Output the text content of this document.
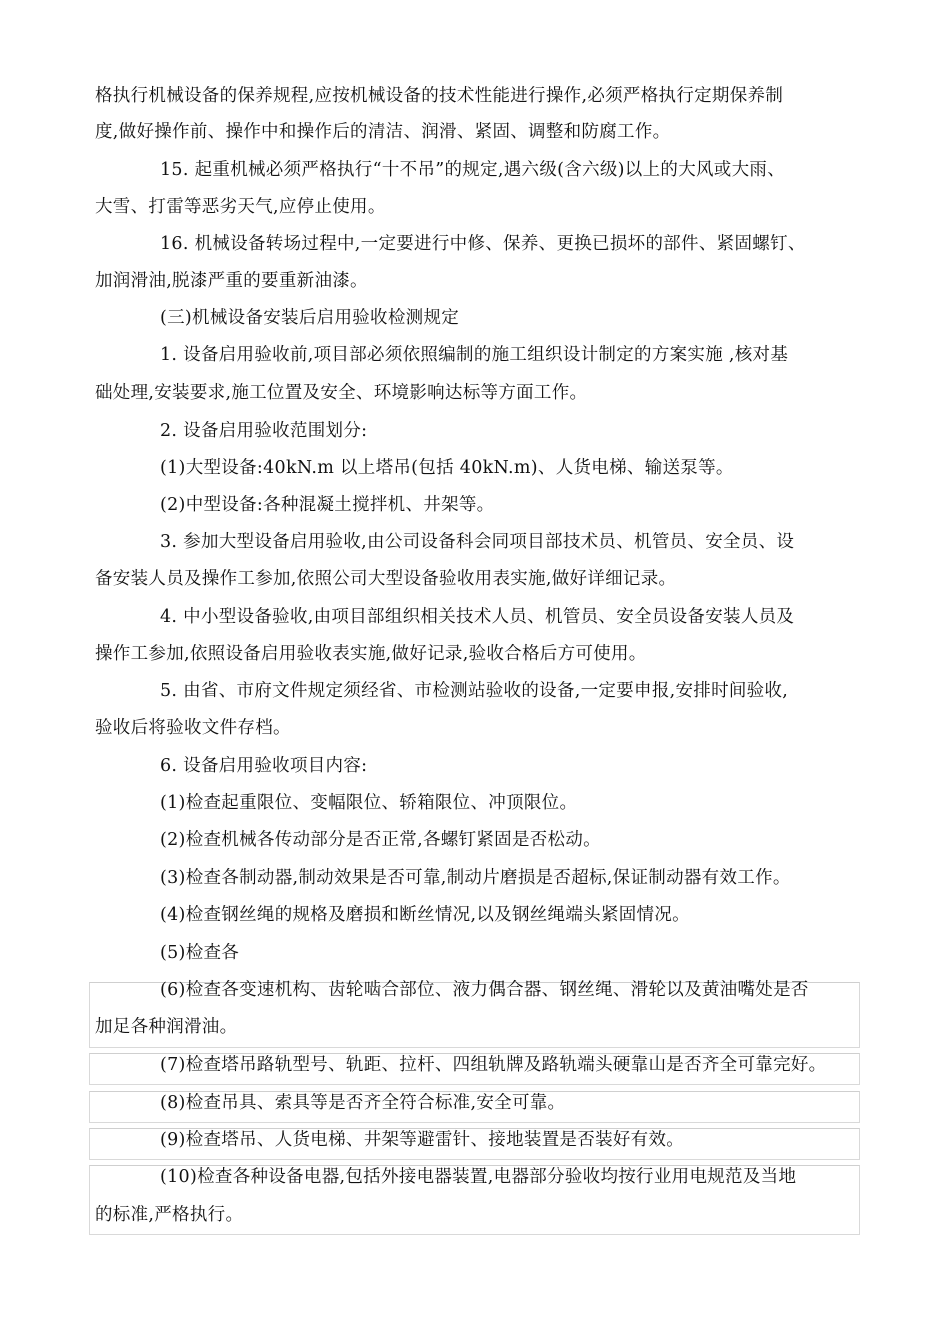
格执行机械设备的保养规程,应按机械设备的技术性能进行操作,必须严格执行定期保养制
度,做好操作前、操作中和操作后的清洁、润滑、紧固、调整和防腐工作。
15. 起重机械必须严格执行“十不吊”的规定,遇六级(含六级)以上的大风或大雨、
大雪、打雷等恶劣天气,应停止使用。
16. 机械设备转场过程中,一定要进行中修、保养、更换已损坏的部件、紧固螺钉、
加润滑油,脱漆严重的要重新油漆。
(三)机械设备安装后启用验收检测规定
1. 设备启用验收前,项目部必须依照编制的施工组织设计制定的方案实施 ,核对基
础处理,安装要求,施工位置及安全、环境影响达标等方面工作。
2. 设备启用验收范围划分:
(1)大型设备:40kN.m 以上塔吊(包括 40kN.m)、人货电梯、输送泵等。
(2)中型设备:各种混凝土搅拌机、井架等。
3. 参加大型设备启用验收,由公司设备科会同项目部技术员、机管员、安全员、设
备安装人员及操作工参加,依照公司大型设备验收用表实施,做好详细记录。
4. 中小型设备验收,由项目部组织相关技术人员、机管员、安全员设备安装人员及
操作工参加,依照设备启用验收表实施,做好记录,验收合格后方可使用。
5. 由省、市府文件规定须经省、市检测站验收的设备,一定要申报,安排时间验收,
验收后将验收文件存档。
6. 设备启用验收项目内容:
(1)检查起重限位、变幅限位、轿箱限位、冲顶限位。
(2)检查机械各传动部分是否正常,各螺钉紧固是否松动。
(3)检查各制动器,制动效果是否可靠,制动片磨损是否超标,保证制动器有效工作。
(4)检查钢丝绳的规格及磨损和断丝情况,以及钢丝绳端头紧固情况。
(5)检查各
(6)检查各变速机构、齿轮啮合部位、液力偶合器、钢丝绳、滑轮以及黄油嘴处是否
加足各种润滑油。
(7)检查塔吊路轨型号、轨距、拉杆、四组轨牌及路轨端头硬靠山是否齐全可靠完好。
(8)检查吊具、索具等是否齐全符合标准,安全可靠。
(9)检查塔吊、人货电梯、井架等避雷针、接地装置是否装好有效。
(10)检查各种设备电器,包括外接电器装置,电器部分验收均按行业用电规范及当地
的标准,严格执行。
